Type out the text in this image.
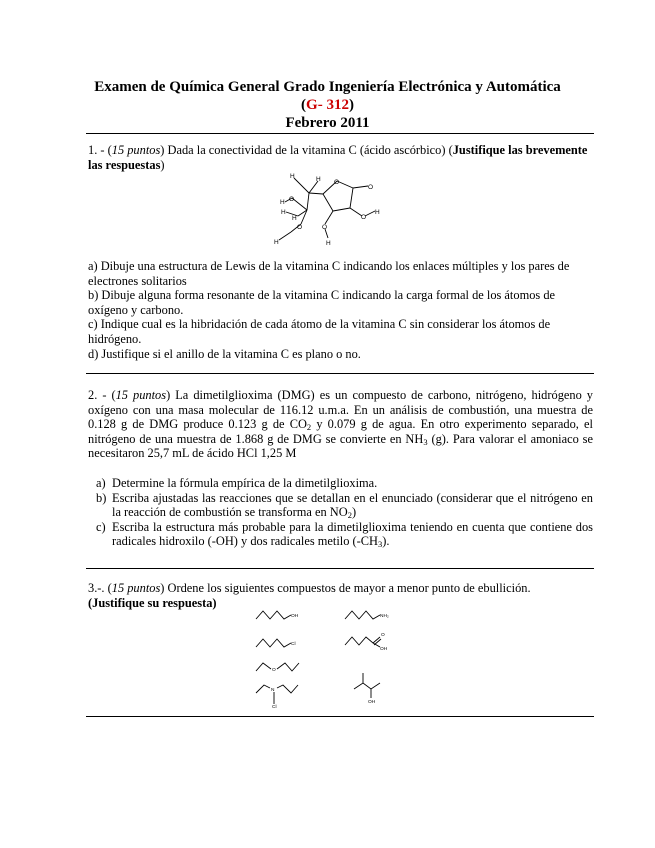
Examen de Química General Grado Ingeniería Electrónica y Automática
(G- 312)
Febrero 2011
1. - (15 puntos) Dada la conectividad de la vitamina C (ácido ascórbico) (Justifique las brevemente las respuestas)
O
O
O
H
O
H
H	H
O
H
H
H
O
H
a) Dibuje una estructura de Lewis de la vitamina C indicando los enlaces múltiples y los pares de electrones solitarios
b) Dibuje alguna forma resonante de la vitamina C indicando la carga formal de los átomos de oxígeno y carbono.
c) Indique cual es la hibridación de cada átomo de la vitamina C sin considerar los átomos de hidrógeno.
d) Justifique si el anillo de la vitamina C es plano o no.
2. - (15 puntos) La dimetilglioxima (DMG) es un compuesto de carbono, nitrógeno, hidrógeno y oxígeno con una masa molecular de 116.12 u.m.a. En un análisis de combustión, una muestra de 0.128 g de DMG produce 0.123 g de $CO_2$ y 0.079 g de agua. En otro experimento separado, el nitrógeno de una muestra de 1.868 g de DMG se convierte en $NH_3$ (g). Para valorar el amoniaco se necesitaron 25,7 mL de ácido HCl 1,25 M
a) Determine la fórmula empírica de la dimetilglioxima.
b) Escriba ajustadas las reacciones que se detallan en el enunciado (considerar que el nitrógeno en la reacción de combustión se transforma en $NO_2$)
c) Escriba la estructura más probable para la dimetilglioxima teniendo en cuenta que contiene dos radicales hidroxilo (-OH) y dos radicales metilo $(-CH_3)$.
3.-. (15 puntos) Ordene los siguientes compuestos de mayor a menor punto de ebullición.
(Justifique su respuesta)
OH	NH₂
Cl
O
OH
O
N
Cl
OH
